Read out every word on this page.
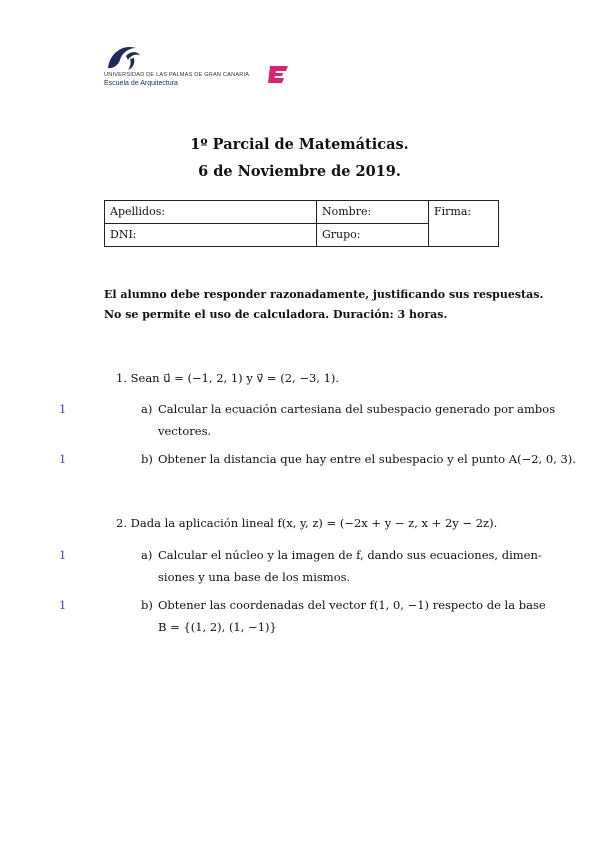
UNIVERSIDAD DE LAS PALMAS DE GRAN CANARIA
Escuela de Arquitectura
1º Parcial de Matemáticas.
6 de Noviembre de 2019.
Apellidos:	Nombre:	Firma:
DNI:	Grupo:	
El alumno debe responder razonadamente, justificando sus respuestas.
No se permite el uso de calculadora. Duración: 3 horas.
1. Sean u⃗ = (−1, 2, 1) y v⃗ = (2, −3, 1).
1	a) Calcular la ecuación cartesiana del subespacio generado por ambos
vectores.
1	b) Obtener la distancia que hay entre el subespacio y el punto A(−2, 0, 3).
2. Dada la aplicación lineal f(x, y, z) = (−2x + y − z, x + 2y − 2z).
1	a) Calcular el núcleo y la imagen de f, dando sus ecuaciones, dimen-
siones y una base de los mismos.
1	b) Obtener las coordenadas del vector f(1, 0, −1) respecto de la base
B = {(1, 2), (1, −1)}
